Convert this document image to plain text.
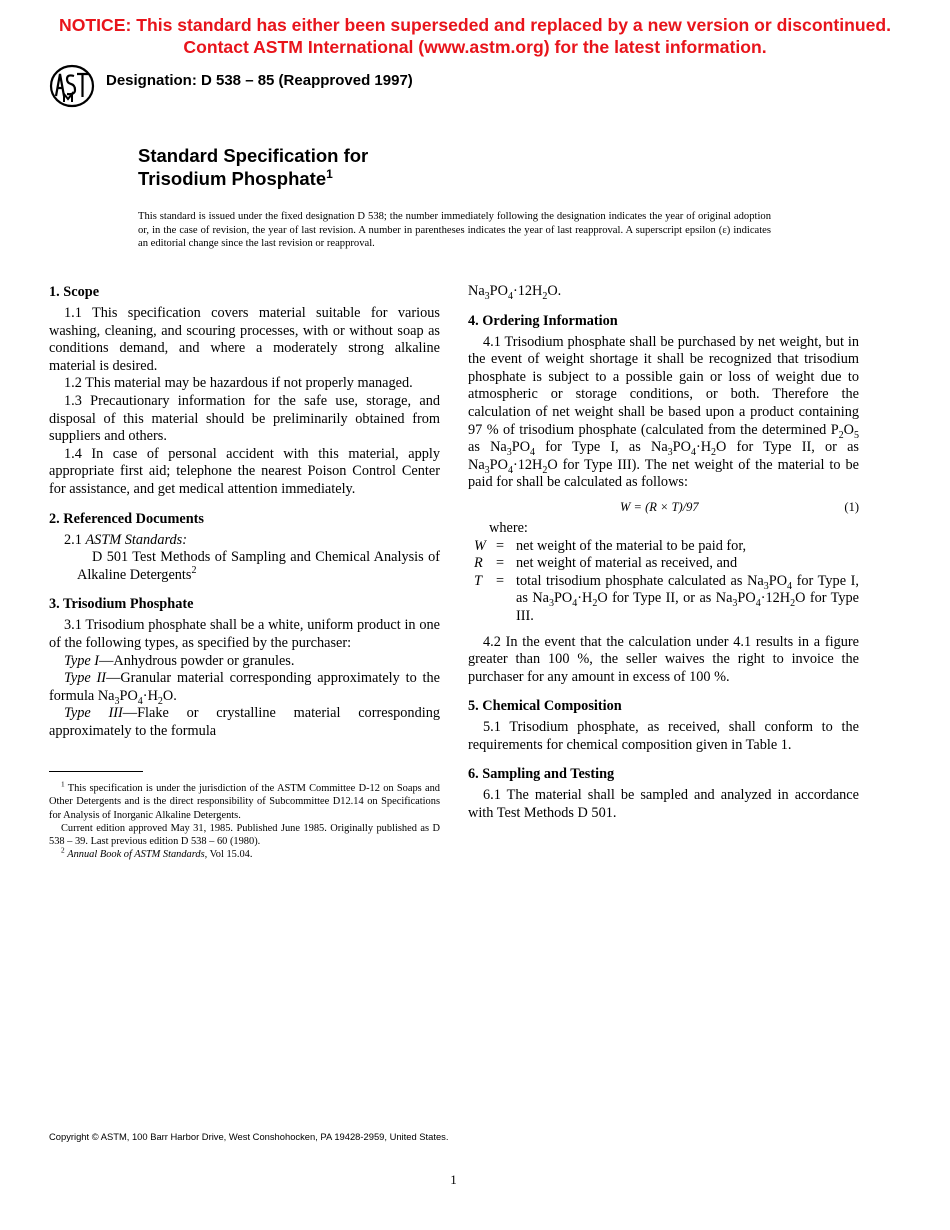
NOTICE: This standard has either been superseded and replaced by a new version or discontinued.
Contact ASTM International (www.astm.org) for the latest information.
Designation: D 538 – 85 (Reapproved 1997)
Standard Specification for
Trisodium Phosphate$^1$
This standard is issued under the fixed designation D 538; the number immediately following the designation indicates the year of original adoption or, in the case of revision, the year of last revision. A number in parentheses indicates the year of last reapproval. A superscript epsilon (ε) indicates an editorial change since the last revision or reapproval.
1. Scope

1.1 This specification covers material suitable for various washing, cleaning, and scouring processes, with or without soap as conditions demand, and where a moderately strong alkaline material is desired.

1.2 This material may be hazardous if not properly managed.

1.3 Precautionary information for the safe use, storage, and disposal of this material should be preliminarily obtained from suppliers and others.

1.4 In case of personal accident with this material, apply appropriate first aid; telephone the nearest Poison Control Center for assistance, and get medical attention immediately.

2. Referenced Documents

2.1 ASTM Standards:

D 501 Test Methods of Sampling and Chemical Analysis of Alkaline Detergents$^2$

3. Trisodium Phosphate

3.1 Trisodium phosphate shall be a white, uniform product in one of the following types, as specified by the purchaser:

Type I—Anhydrous powder or granules.

Type II—Granular material corresponding approximately to the formula $Na_3PO_4\cdot H_2O$.

Type III—Flake or crystalline material corresponding approximately to the formula

$Na_3PO_4\cdot 12H_2O$.

4. Ordering Information

4.1 Trisodium phosphate shall be purchased by net weight, but in the event of weight shortage it shall be recognized that trisodium phosphate is subject to a possible gain or loss of weight due to atmospheric or storage conditions, or both. Therefore the calculation of net weight shall be based upon a product containing 97 % of trisodium phosphate (calculated from the determined $P_2O_5$ as $Na_3PO_4$ for Type I, as $Na_3PO_4\cdot H_2O$ for Type II, or as $Na_3PO_4\cdot 12H_2O$ for Type III). The net weight of the material to be paid for shall be calculated as follows:

W = (R × T)/97	(1)

where:

W = net weight of the material to be paid for,
R = net weight of material as received, and
T = total trisodium phosphate calculated as $Na_3PO_4$ for Type I, as $Na_3PO_4\cdot H_2O$ for Type II, or as $Na_3PO_4\cdot 12H_2O$ for Type III.

4.2 In the event that the calculation under 4.1 results in a figure greater than 100 %, the seller waives the right to invoice the purchaser for any amount in excess of 100 %.

5. Chemical Composition

5.1 Trisodium phosphate, as received, shall conform to the requirements for chemical composition given in Table 1.

6. Sampling and Testing

6.1 The material shall be sampled and analyzed in accordance with Test Methods D 501.

$^1$ This specification is under the jurisdiction of the ASTM Committee D-12 on Soaps and Other Detergents and is the direct responsibility of Subcommittee D12.14 on Specifications for Analysis of Inorganic Alkaline Detergents.

Current edition approved May 31, 1985. Published June 1985. Originally published as D 538 – 39. Last previous edition D 538 – 60 (1980).

$^2$ Annual Book of ASTM Standards, Vol 15.04.

Copyright © ASTM, 100 Barr Harbor Drive, West Conshohocken, PA 19428-2959, United States.
1
